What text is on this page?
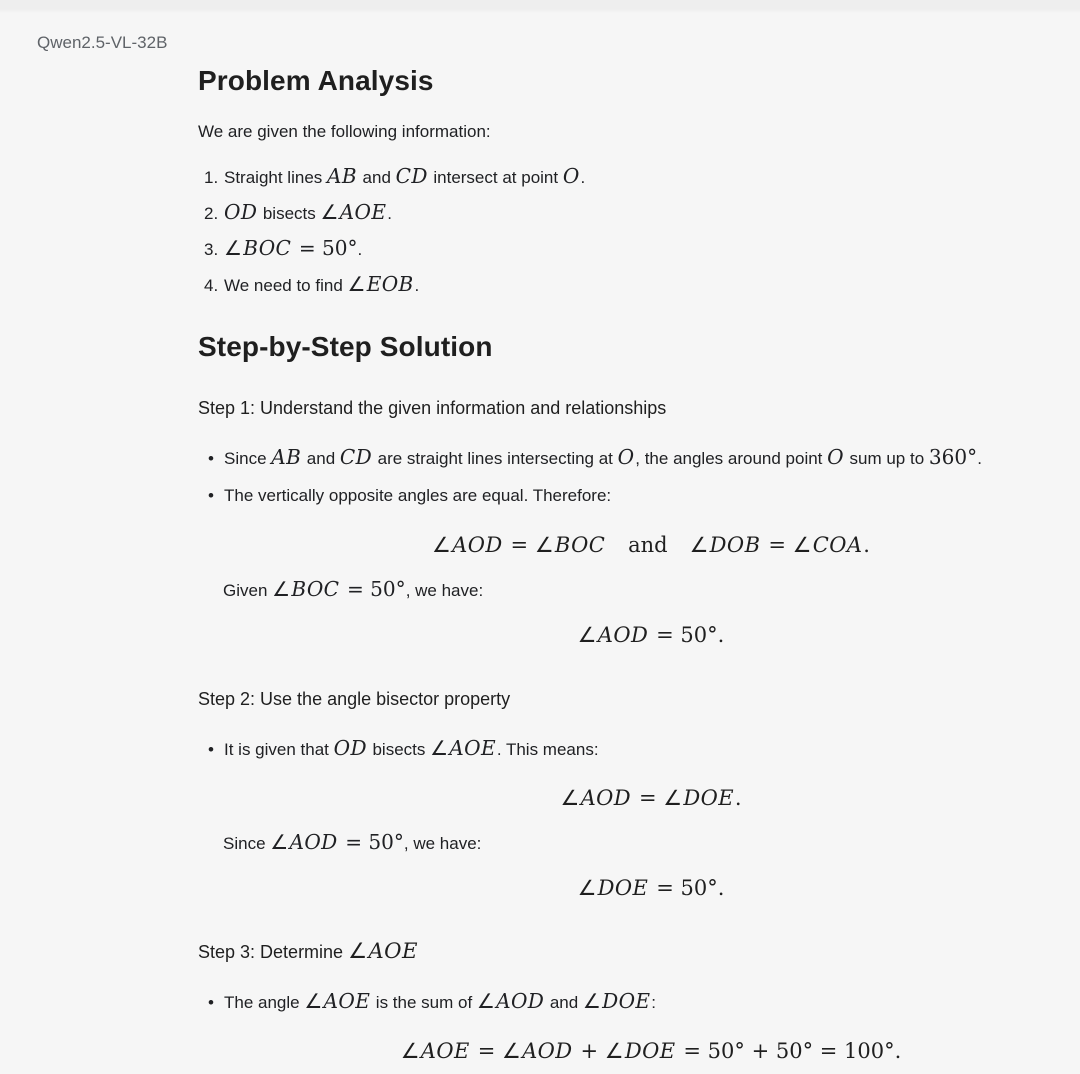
Qwen2.5-VL-32B
Problem Analysis

We are given the following information:

1. Straight lines AB and CD intersect at point O.
2. OD bisects ∠AOE.
3. ∠BOC = 50°.
4. We need to find ∠EOB.
Step-by-Step Solution
Step 1: Understand the given information and relationships
• Since AB and CD are straight lines intersecting at O, the angles around point O sum up to 360°.
• The vertically opposite angles are equal. Therefore:
∠AOD = ∠BOC and ∠DOB = ∠COA.

Given ∠BOC = 50°, we have:

∠AOD = 50°.
Step 2: Use the angle bisector property
• It is given that OD bisects ∠AOE. This means:
∠AOD = ∠DOE.

Since ∠AOD = 50°, we have:

∠DOE = 50°.
Step 3: Determine ∠AOE
• The angle ∠AOE is the sum of ∠AOD and ∠DOE:
∠AOE = ∠AOD + ∠DOE = 50° + 50° = 100°.
